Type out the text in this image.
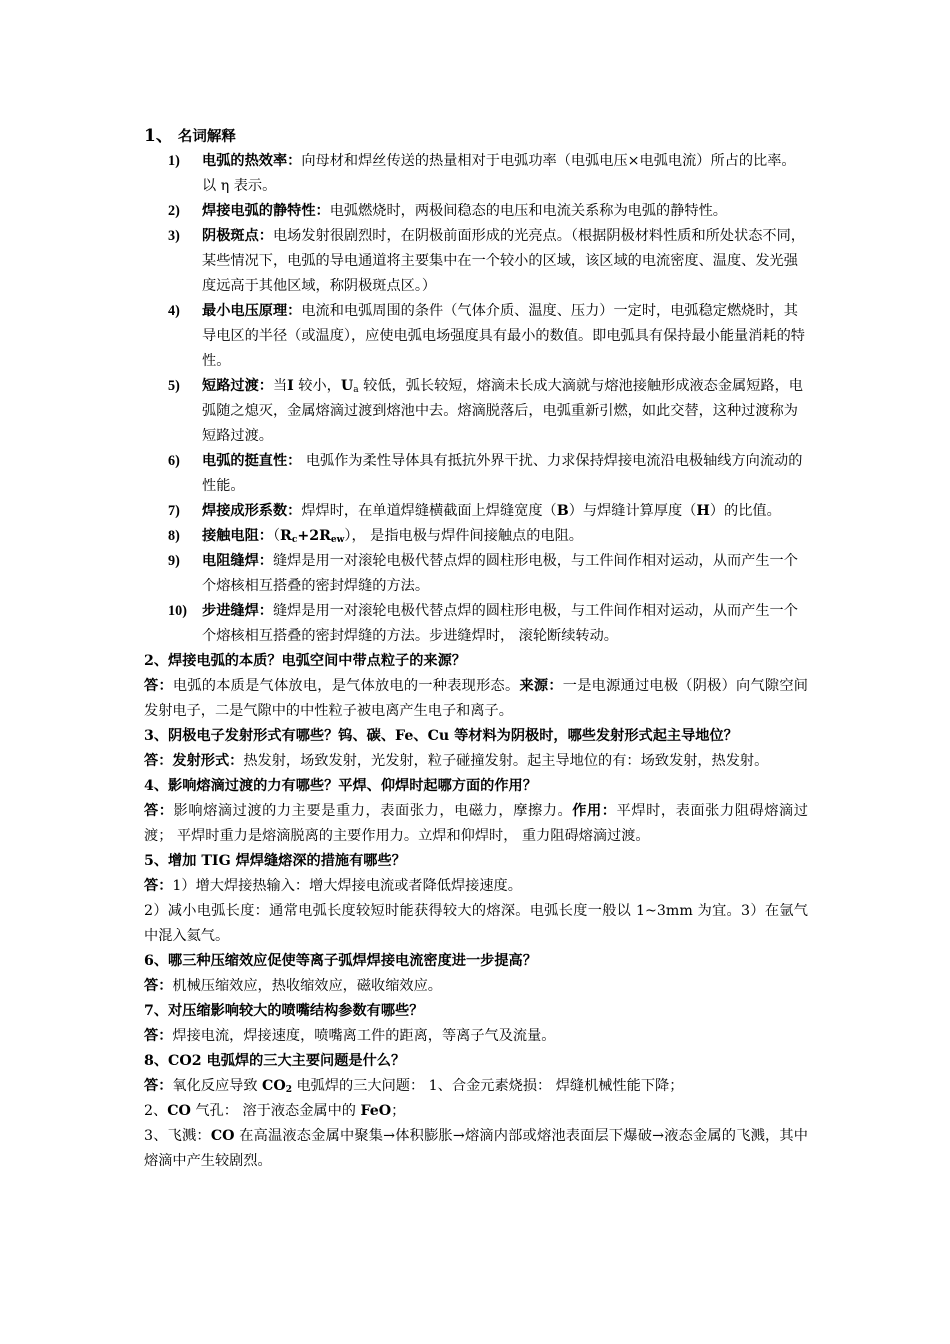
1、 名词解释

1) 电弧的热效率：向母材和焊丝传送的热量相对于电弧功率（电弧电压×电弧电流）所占的比率。以 η 表示。
2) 焊接电弧的静特性：电弧燃烧时，两极间稳态的电压和电流关系称为电弧的静特性。
3) 阴极斑点：电场发射很剧烈时，在阴极前面形成的光亮点。（根据阴极材料性质和所处状态不同，某些情况下，电弧的导电通道将主要集中在一个较小的区域，该区域的电流密度、温度、发光强度远高于其他区域，称阴极斑点区。）
4) 最小电压原理：电流和电弧周围的条件（气体介质、温度、压力）一定时，电弧稳定燃烧时，其导电区的半径（或温度），应使电弧电场强度具有最小的数值。即电弧具有保持最小能量消耗的特性。
5) 短路过渡：当I 较小，$U_a$ 较低，弧长较短，熔滴未长成大滴就与熔池接触形成液态金属短路，电弧随之熄灭，金属熔滴过渡到熔池中去。熔滴脱落后，电弧重新引燃，如此交替，这种过渡称为短路过渡。
6) 电弧的挺直性： 电弧作为柔性导体具有抵抗外界干扰、力求保持焊接电流沿电极轴线方向流动的性能。
7) 焊接成形系数：焊焊时，在单道焊缝横截面上焊缝宽度（B）与焊缝计算厚度（H）的比值。
8) 接触电阻：$(R_c+2R_{ew})$， 是指电极与焊件间接触点的电阻。
9) 电阻缝焊：缝焊是用一对滚轮电极代替点焊的圆柱形电极，与工件间作相对运动，从而产生一个个熔核相互搭叠的密封焊缝的方法。
10) 步进缝焊：缝焊是用一对滚轮电极代替点焊的圆柱形电极，与工件间作相对运动，从而产生一个个熔核相互搭叠的密封焊缝的方法。步进缝焊时， 滚轮断续转动。

2、焊接电弧的本质？电弧空间中带点粒子的来源？

答：电弧的本质是气体放电，是气体放电的一种表现形态。来源：一是电源通过电极（阴极）向气隙空间发射电子，二是气隙中的中性粒子被电离产生电子和离子。

3、阴极电子发射形式有哪些？钨、碳、Fe、Cu 等材料为阴极时，哪些发射形式起主导地位？

答：发射形式：热发射，场致发射，光发射，粒子碰撞发射。起主导地位的有：场致发射，热发射。

4、影响熔滴过渡的力有哪些？平焊、仰焊时起哪方面的作用？

答：影响熔滴过渡的力主要是重力，表面张力，电磁力，摩擦力。作用：平焊时，表面张力阻碍熔滴过渡； 平焊时重力是熔滴脱离的主要作用力。立焊和仰焊时， 重力阻碍熔滴过渡。

5、增加 TIG 焊焊缝熔深的措施有哪些？

答：1）增大焊接热输入：增大焊接电流或者降低焊接速度。

2）减小电弧长度：通常电弧长度较短时能获得较大的熔深。电弧长度一般以 1~3mm 为宜。3）在氩气中混入氦气。

6、哪三种压缩效应促使等离子弧焊焊接电流密度进一步提高？

答：机械压缩效应，热收缩效应，磁收缩效应。

7、对压缩影响较大的喷嘴结构参数有哪些？

答：焊接电流，焊接速度，喷嘴离工件的距离，等离子气及流量。

8、CO2 电弧焊的三大主要问题是什么？

答：氧化反应导致 $CO_2$ 电弧焊的三大问题： 1、合金元素烧损： 焊缝机械性能下降；

2、CO 气孔： 溶于液态金属中的 FeO；

3、飞溅：CO 在高温液态金属中聚集→体积膨胀→熔滴内部或熔池表面层下爆破→液态金属的飞溅，其中熔滴中产生较剧烈。
